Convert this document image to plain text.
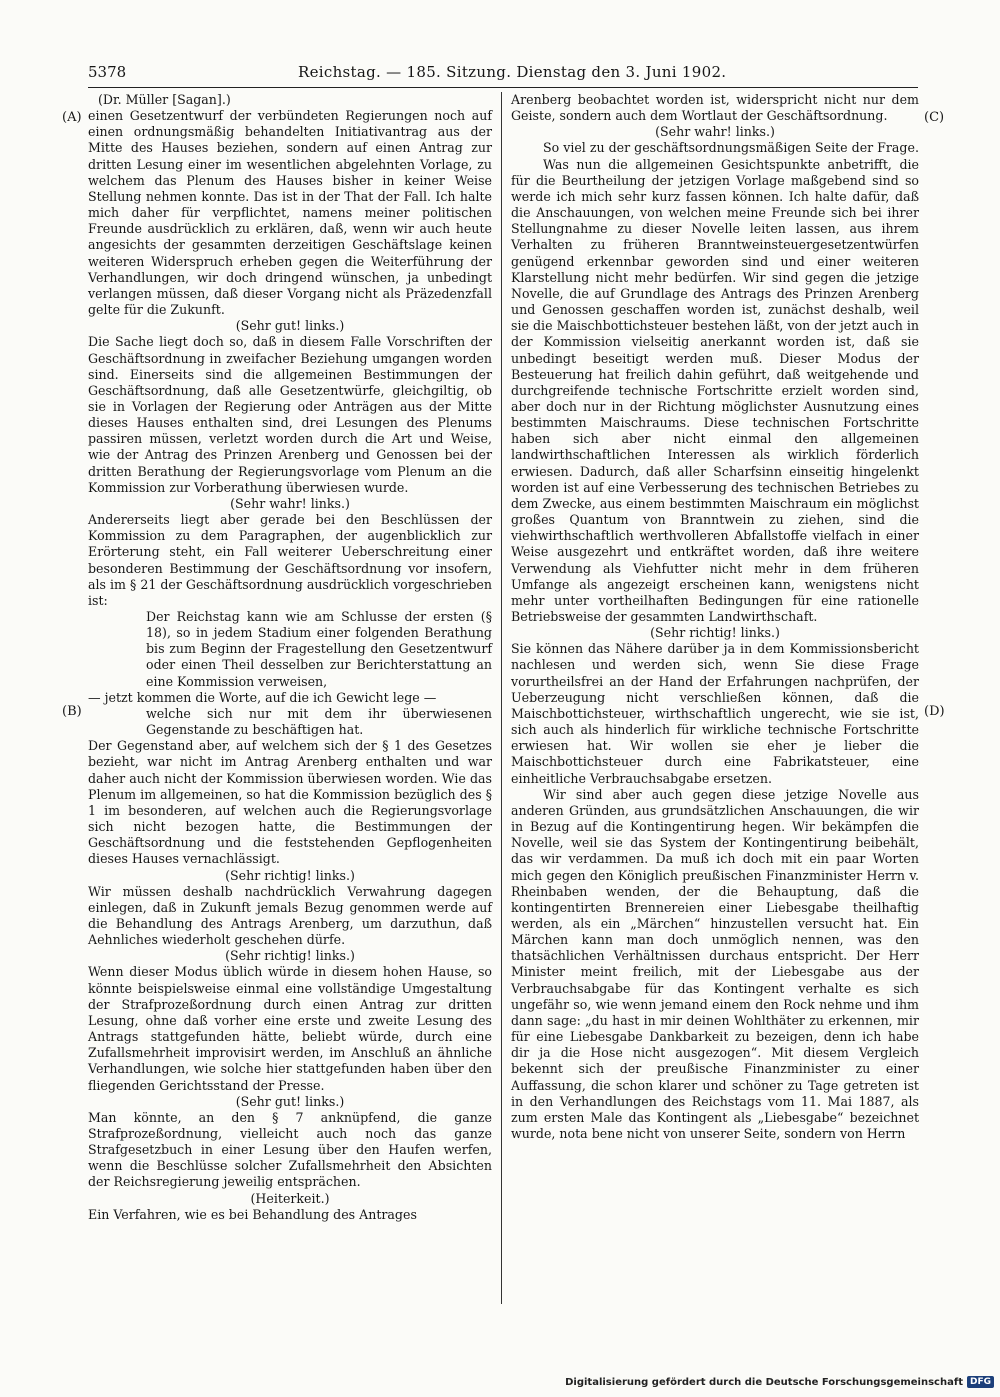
5378	Reichstag. — 185. Sitzung. Dienstag den 3. Juni 1902.
(A)
(B)
(C)
(D)

(Dr. Müller [Sagan].)

einen Gesetzentwurf der verbündeten Regierungen noch auf einen ordnungsmäßig behandelten Initiativantrag aus der Mitte des Hauses beziehen, sondern auf einen Antrag zur dritten Lesung einer im wesentlichen abgelehnten Vorlage, zu welchem das Plenum des Hauses bisher in keiner Weise Stellung nehmen konnte. Das ist in der That der Fall. Ich halte mich daher für verpflichtet, namens meiner politischen Freunde ausdrücklich zu erklären, daß, wenn wir auch heute angesichts der gesammten derzeitigen Geschäftslage keinen weiteren Widerspruch erheben gegen die Weiterführung der Verhandlungen, wir doch dringend wünschen, ja unbedingt verlangen müssen, daß dieser Vorgang nicht als Präzedenzfall gelte für die Zukunft.

(Sehr gut! links.)

Die Sache liegt doch so, daß in diesem Falle Vorschriften der Geschäftsordnung in zweifacher Beziehung umgangen worden sind. Einerseits sind die allgemeinen Bestimmungen der Geschäftsordnung, daß alle Gesetzentwürfe, gleichgiltig, ob sie in Vorlagen der Regierung oder Anträgen aus der Mitte dieses Hauses enthalten sind, drei Lesungen des Plenums passiren müssen, verletzt worden durch die Art und Weise, wie der Antrag des Prinzen Arenberg und Genossen bei der dritten Berathung der Regierungsvorlage vom Plenum an die Kommission zur Vorberathung überwiesen wurde.

(Sehr wahr! links.)

Andererseits liegt aber gerade bei den Beschlüssen der Kommission zu dem Paragraphen, der augenblicklich zur Erörterung steht, ein Fall weiterer Ueberschreitung einer besonderen Bestimmung der Geschäftsordnung vor insofern, als im § 21 der Geschäftsordnung ausdrücklich vorgeschrieben ist:

Der Reichstag kann wie am Schlusse der ersten (§ 18), so in jedem Stadium einer folgenden Berathung bis zum Beginn der Fragestellung den Gesetzentwurf oder einen Theil desselben zur Berichterstattung an eine Kommission verweisen,

— jetzt kommen die Worte, auf die ich Gewicht lege —

welche sich nur mit dem ihr überwiesenen Gegenstande zu beschäftigen hat.

Der Gegenstand aber, auf welchem sich der § 1 des Gesetzes bezieht, war nicht im Antrag Arenberg enthalten und war daher auch nicht der Kommission überwiesen worden. Wie das Plenum im allgemeinen, so hat die Kommission bezüglich des § 1 im besonderen, auf welchen auch die Regierungsvorlage sich nicht bezogen hatte, die Bestimmungen der Geschäftsordnung und die feststehenden Gepflogenheiten dieses Hauses vernachlässigt.

(Sehr richtig! links.)

Wir müssen deshalb nachdrücklich Verwahrung dagegen einlegen, daß in Zukunft jemals Bezug genommen werde auf die Behandlung des Antrags Arenberg, um darzuthun, daß Aehnliches wiederholt geschehen dürfe.

(Sehr richtig! links.)

Wenn dieser Modus üblich würde in diesem hohen Hause, so könnte beispielsweise einmal eine vollständige Umgestaltung der Strafprozeßordnung durch einen Antrag zur dritten Lesung, ohne daß vorher eine erste und zweite Lesung des Antrags stattgefunden hätte, beliebt würde, durch eine Zufallsmehrheit improvisirt werden, im Anschluß an ähnliche Verhandlungen, wie solche hier stattgefunden haben über den fliegenden Gerichtsstand der Presse.

(Sehr gut! links.)

Man könnte, an den § 7 anknüpfend, die ganze Strafprozeßordnung, vielleicht auch noch das ganze Strafgesetzbuch in einer Lesung über den Haufen werfen, wenn die Beschlüsse solcher Zufallsmehrheit den Absichten der Reichsregierung jeweilig entsprächen.

(Heiterkeit.)

Ein Verfahren, wie es bei Behandlung des Antrages

Arenberg beobachtet worden ist, widerspricht nicht nur dem Geiste, sondern auch dem Wortlaut der Geschäftsordnung.

(Sehr wahr! links.)

So viel zu der geschäftsordnungsmäßigen Seite der Frage.

Was nun die allgemeinen Gesichtspunkte anbetrifft, die für die Beurtheilung der jetzigen Vorlage maßgebend sind so werde ich mich sehr kurz fassen können. Ich halte dafür, daß die Anschauungen, von welchen meine Freunde sich bei ihrer Stellungnahme zu dieser Novelle leiten lassen, aus ihrem Verhalten zu früheren Branntweinsteuergesetzentwürfen genügend erkennbar geworden sind und einer weiteren Klarstellung nicht mehr bedürfen. Wir sind gegen die jetzige Novelle, die auf Grundlage des Antrags des Prinzen Arenberg und Genossen geschaffen worden ist, zunächst deshalb, weil sie die Maischbottichsteuer bestehen läßt, von der jetzt auch in der Kommission vielseitig anerkannt worden ist, daß sie unbedingt beseitigt werden muß. Dieser Modus der Besteuerung hat freilich dahin geführt, daß weitgehende und durchgreifende technische Fortschritte erzielt worden sind, aber doch nur in der Richtung möglichster Ausnutzung eines bestimmten Maischraums. Diese technischen Fortschritte haben sich aber nicht einmal den allgemeinen landwirthschaftlichen Interessen als wirklich förderlich erwiesen. Dadurch, daß aller Scharfsinn einseitig hingelenkt worden ist auf eine Verbesserung des technischen Betriebes zu dem Zwecke, aus einem bestimmten Maischraum ein möglichst großes Quantum von Branntwein zu ziehen, sind die viehwirthschaftlich werthvolleren Abfallstoffe vielfach in einer Weise ausgezehrt und entkräftet worden, daß ihre weitere Verwendung als Viehfutter nicht mehr in dem früheren Umfange als angezeigt erscheinen kann, wenigstens nicht mehr unter vortheilhaften Bedingungen für eine rationelle Betriebsweise der gesammten Landwirthschaft.

(Sehr richtig! links.)

Sie können das Nähere darüber ja in dem Kommissionsbericht nachlesen und werden sich, wenn Sie diese Frage vorurtheilsfrei an der Hand der Erfahrungen nachprüfen, der Ueberzeugung nicht verschließen können, daß die Maischbottichsteuer, wirthschaftlich ungerecht, wie sie ist, sich auch als hinderlich für wirkliche technische Fortschritte erwiesen hat. Wir wollen sie eher je lieber die Maischbottichsteuer durch eine Fabrikatsteuer, eine einheitliche Verbrauchsabgabe ersetzen.

Wir sind aber auch gegen diese jetzige Novelle aus anderen Gründen, aus grundsätzlichen Anschauungen, die wir in Bezug auf die Kontingentirung hegen. Wir bekämpfen die Novelle, weil sie das System der Kontingentirung beibehält, das wir verdammen. Da muß ich doch mit ein paar Worten mich gegen den Königlich preußischen Finanzminister Herrn v. Rheinbaben wenden, der die Behauptung, daß die kontingentirten Brennereien einer Liebesgabe theilhaftig werden, als ein „Märchen“ hinzustellen versucht hat. Ein Märchen kann man doch unmöglich nennen, was den thatsächlichen Verhältnissen durchaus entspricht. Der Herr Minister meint freilich, mit der Liebesgabe aus der Verbrauchsabgabe für das Kontingent verhalte es sich ungefähr so, wie wenn jemand einem den Rock nehme und ihm dann sage: „du hast in mir deinen Wohlthäter zu erkennen, mir für eine Liebesgabe Dankbarkeit zu bezeigen, denn ich habe dir ja die Hose nicht ausgezogen“. Mit diesem Vergleich bekennt sich der preußische Finanzminister zu einer Auffassung, die schon klarer und schöner zu Tage getreten ist in den Verhandlungen des Reichstags vom 11. Mai 1887, als zum ersten Male das Kontingent als „Liebesgabe“ bezeichnet wurde, nota bene nicht von unserer Seite, sondern von Herrn

Digitalisierung gefördert durch die Deutsche Forschungsgemeinschaft DFG
